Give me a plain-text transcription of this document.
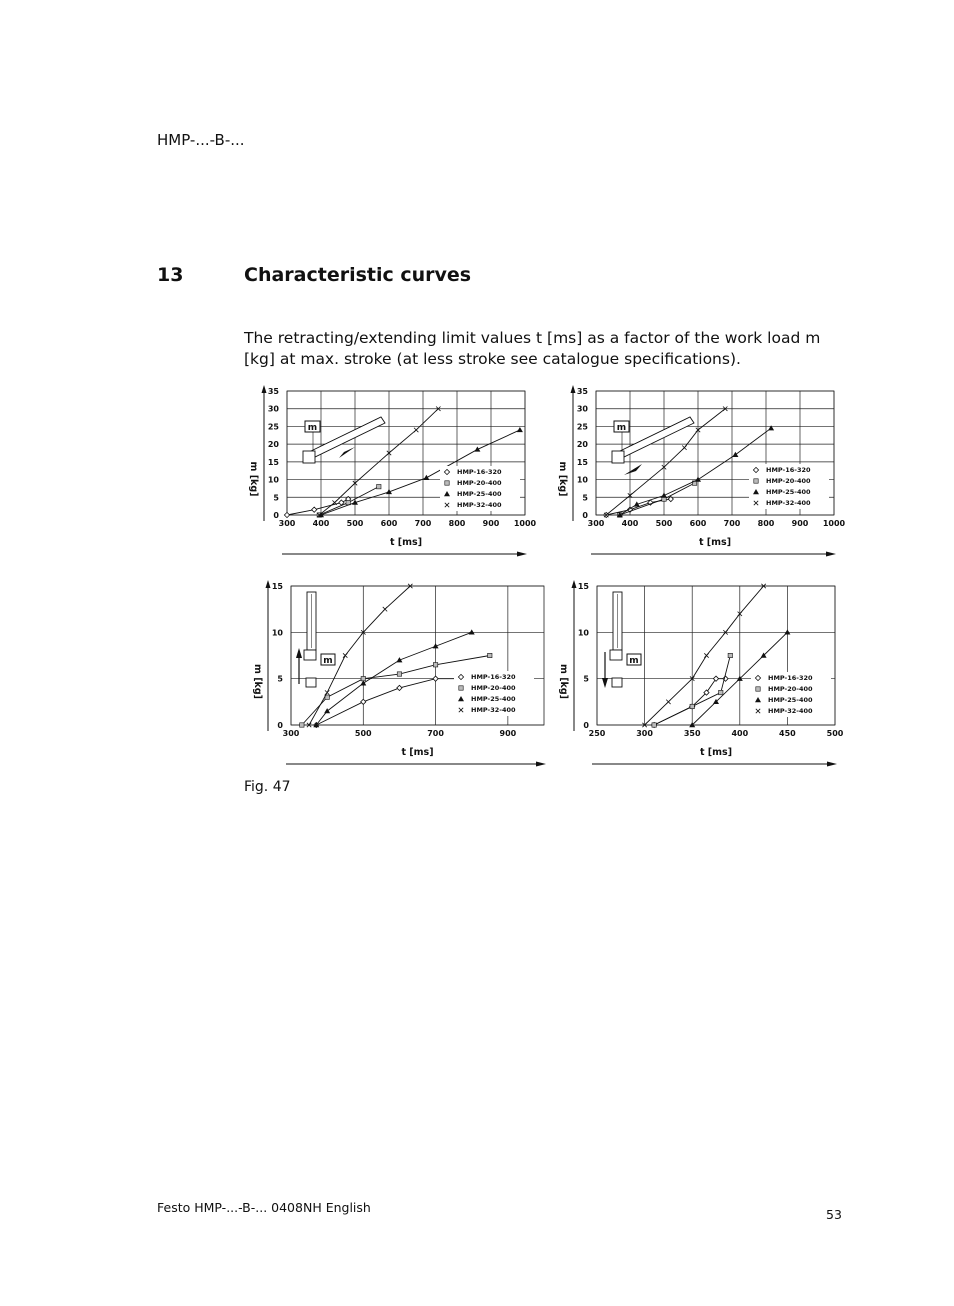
HMP-...-B-...
13	Characteristic curves
The retracting/extending limit values t [ms] as a factor of the work load m [kg] at max. stroke (at less stroke see catalogue specifications).
300 400 500 600 700 800 900 1000
0
5
10
15
20
25
30
35
t [ms]
m [kg]	HMP-16-320
HMP-20-400
HMP-25-400
HMP-32-400
m
300 400 500 600 700 800 900 1000
0
5
10
15
20
25
30
35
t [ms]
m [kg]	HMP-16-320
HMP-20-400
HMP-25-400
HMP-32-400
m
300	500	700	900
0
5
10
15
t [ms]
m [kg]	HMP-16-320
HMP-20-400
HMP-25-400
HMP-32-400
m
250	300	350	400	450	500
0
5
10
15
t [ms]
m [kg]	HMP-16-320
HMP-20-400
HMP-25-400
HMP-32-400
m
Fig. 47
Festo HMP-...-B-... 0408NH English	53
